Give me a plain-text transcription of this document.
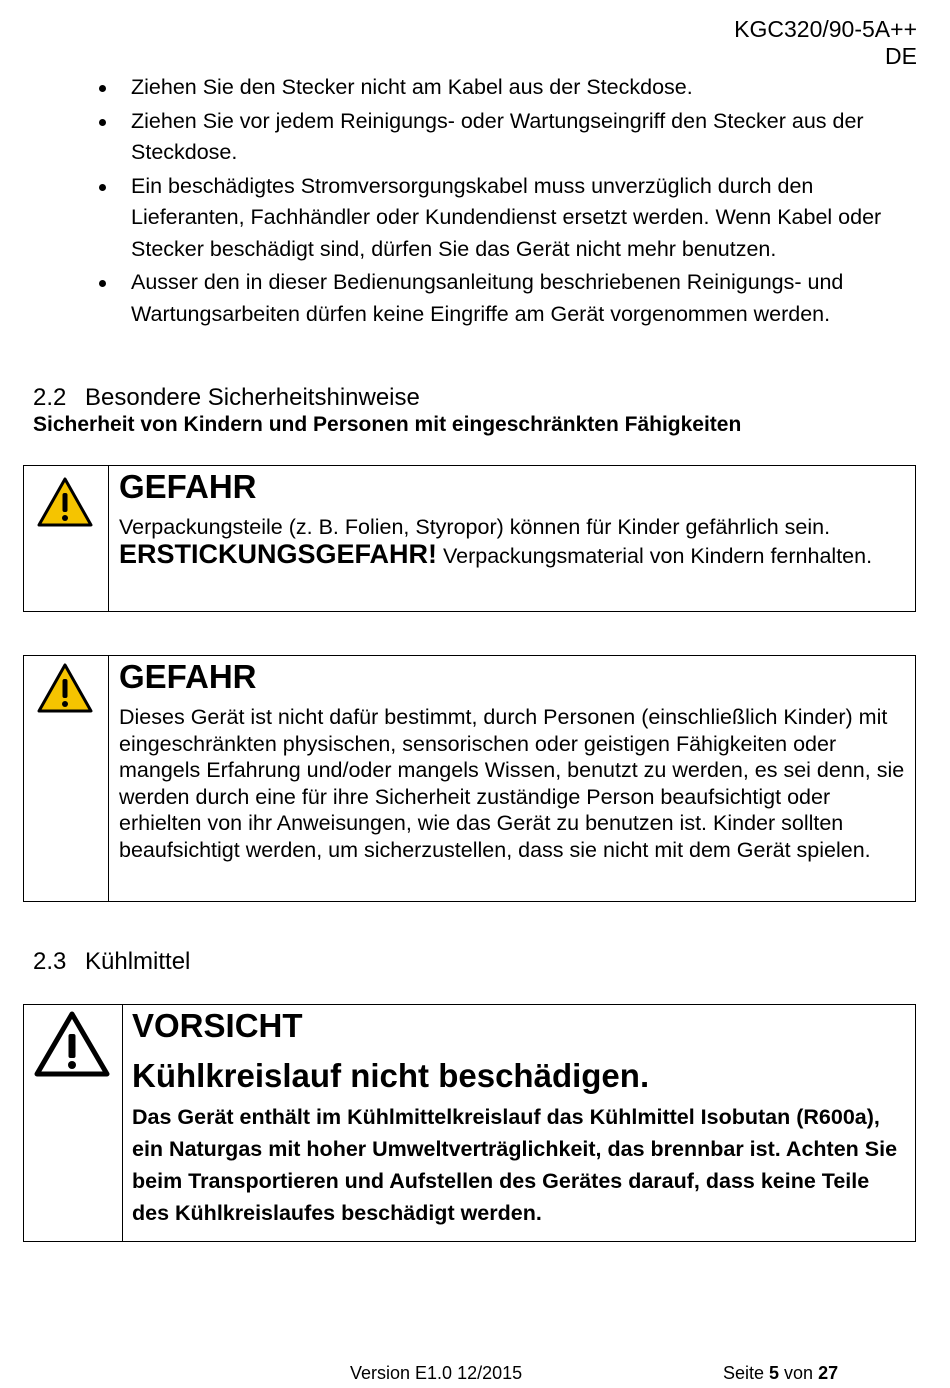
KGC320/90-5A++
DE
Ziehen Sie den Stecker nicht am Kabel aus der Steckdose.
Ziehen Sie vor jedem Reinigungs- oder Wartungseingriff den Stecker aus der Steckdose.
Ein beschädigtes Stromversorgungskabel muss unverzüglich durch den Lieferanten, Fachhändler oder Kundendienst ersetzt werden. Wenn Kabel oder Stecker beschädigt sind, dürfen Sie das Gerät nicht mehr benutzen.
Ausser den in dieser Bedienungsanleitung beschriebenen Reinigungs- und Wartungsarbeiten dürfen keine Eingriffe am Gerät vorgenommen werden.
2.2 Besondere Sicherheitshinweise
Sicherheit von Kindern und Personen mit eingeschränkten Fähigkeiten
GEFAHR
Verpackungsteile (z. B. Folien, Styropor) können für Kinder gefährlich sein.
ERSTICKUNGSGEFAHR! Verpackungsmaterial von Kindern fernhalten.
GEFAHR
Dieses Gerät ist nicht dafür bestimmt, durch Personen (einschließlich Kinder) mit eingeschränkten physischen, sensorischen oder geistigen Fähigkeiten oder mangels Erfahrung und/oder mangels Wissen, benutzt zu werden, es sei denn, sie werden durch eine für ihre Sicherheit zuständige Person beaufsichtigt oder erhielten von ihr Anweisungen, wie das Gerät zu benutzen ist. Kinder sollten beaufsichtigt werden, um sicherzustellen, dass sie nicht mit dem Gerät spielen.
2.3 Kühlmittel
VORSICHT
Kühlkreislauf nicht beschädigen.
Das Gerät enthält im Kühlmittelkreislauf das Kühlmittel Isobutan (R600a), ein Naturgas mit hoher Umweltverträglichkeit, das brennbar ist. Achten Sie beim Transportieren und Aufstellen des Gerätes darauf, dass keine Teile des Kühlkreislaufes beschädigt werden.
Version E1.0 12/2015	Seite 5 von 27
